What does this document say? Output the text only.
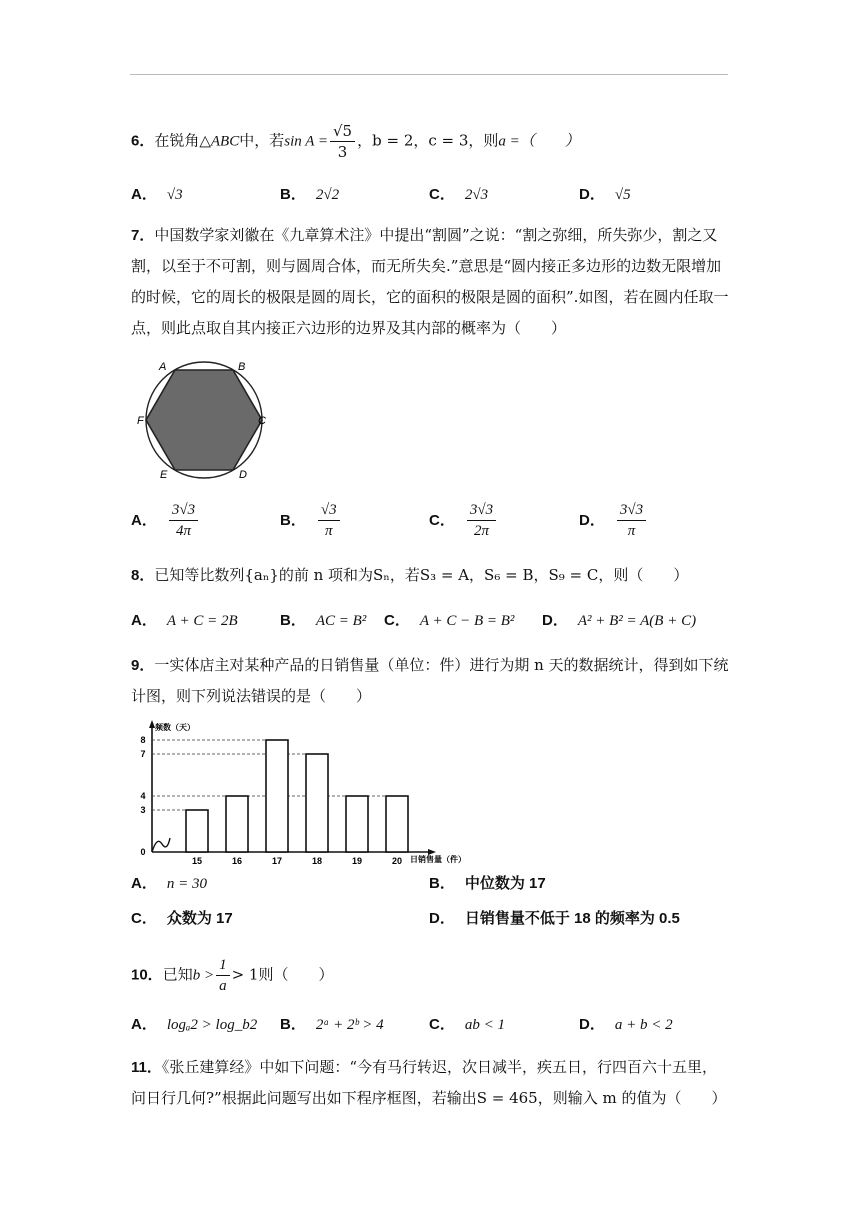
6．在锐角△ABC中，若$\sin A = \frac{√5}{3}$ ，b = 2，c = 3，则a =（　　）
A． √3	B． 2√2	C． 2√3	D． √5
7．中国数学家刘徽在《九章算术注》中提出“割圆”之说：“割之弥细，所失弥少，割之又
割，以至于不可割，则与圆周合体，而无所失矣.”意思是“圆内接正多边形的边数无限增加
的时候，它的周长的极限是圆的周长，它的面积的极限是圆的面积”.如图，若在圆内任取一
点，则此点取自其内接正六边形的边界及其内部的概率为（　　）
A	B
C
D
E
F
A． $\frac{3√3}{4\pi}$	B． $\frac{√3}{\pi}$	C． $\frac{3√3}{2\pi}$	D． $\frac{3√3}{\pi}$
8．已知等比数列{aₙ}的前 n 项和为Sₙ，若S₃ = A，S₆ = B，S₉ = C，则（　　）
A． A + C = 2B	B． AC = B² C． A + C − B = B² D． A² + B² = A(B + C)
9．一实体店主对某种产品的日销售量（单位：件）进行为期 n 天的数据统计，得到如下统
计图，则下列说法错误的是（　　）
0
3
4
7
8
15	16	17	18	19	20
频数（天）
日销售量（件）
A． n = 30	B． 中位数为 17
C． 众数为 17	D． 日销售量不低于 18 的频率为 0.5
10．已知$b > \frac{1}{a} > 1$则（　　）
A． logₐ2 > log_b2 B． 2ᵃ + 2ᵇ > 4	C． ab < 1	D． a + b < 2
11．《张丘建算经》中如下问题：“今有马行转迟，次日减半，疾五日，行四百六十五里，
问日行几何?”根据此问题写出如下程序框图，若输出S = 465，则输入 m 的值为（　　）
